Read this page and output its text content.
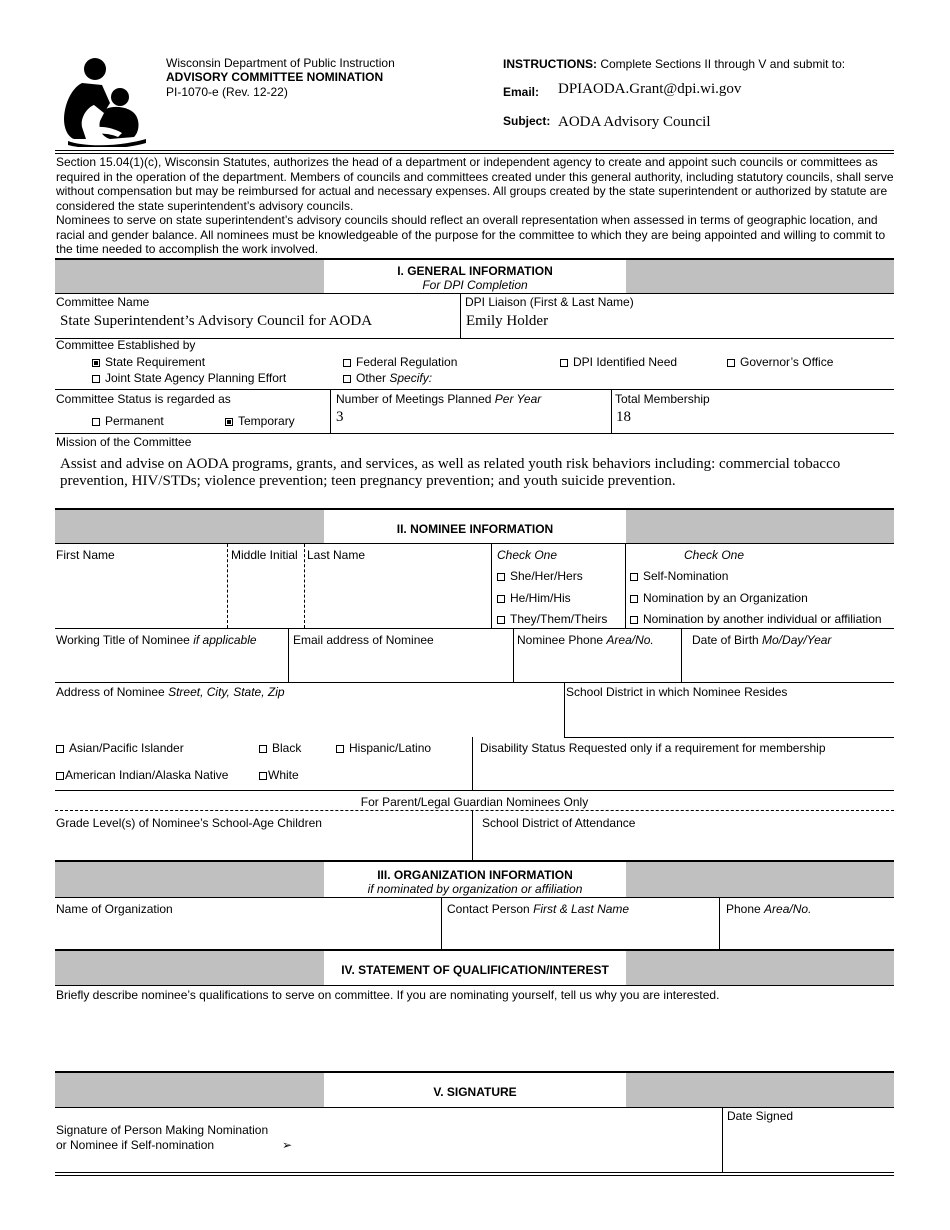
Wisconsin Department of Public Instruction
ADVISORY COMMITTEE NOMINATION
PI-1070-e (Rev. 12-22)
INSTRUCTIONS: Complete Sections II through V and submit to:
Email: DPIAODA.Grant@dpi.wi.gov
Subject: AODA Advisory Council
Section 15.04(1)(c), Wisconsin Statutes, authorizes the head of a department or independent agency to create and appoint such councils or committees as required in the operation of the department. Members of councils and committees created under this general authority, including statutory councils, shall serve without compensation but may be reimbursed for actual and necessary expenses. All groups created by the state superintendent or authorized by statute are considered the state superintendent’s advisory councils.
Nominees to serve on state superintendent’s advisory councils should reflect an overall representation when assessed in terms of geographic location, and racial and gender balance. All nominees must be knowledgeable of the purpose for the committee to which they are being appointed and willing to commit to the time needed to accomplish the work involved.
I. GENERAL INFORMATION
For DPI Completion
Committee Name
State Superintendent’s Advisory Council for AODA
DPI Liaison (First & Last Name)
Emily Holder
Committee Established by
State Requirement	Federal Regulation	DPI Identified Need	Governor’s Office
Joint State Agency Planning Effort	Other Specify:
Committee Status is regarded as
Permanent	Temporary
Number of Meetings Planned Per Year
3
Total Membership
18
Mission of the Committee
Assist and advise on AODA programs, grants, and services, as well as related youth risk behaviors including: commercial tobacco prevention, HIV/STDs; violence prevention; teen pregnancy prevention; and youth suicide prevention.
II. NOMINEE INFORMATION
First Name	Middle Initial Last Name	Check One
She/Her/Hers
He/Him/His
They/Them/Theirs
Check One
Self-Nomination
Nomination by an Organization
Nomination by another individual or affiliation
Working Title of Nominee if applicable	Email address of Nominee	Nominee Phone Area/No.	Date of Birth Mo/Day/Year
Address of Nominee Street, City, State, Zip	School District in which Nominee Resides
Asian/Pacific Islander	Black	Hispanic/Latino
American Indian/Alaska Native	White
Disability Status Requested only if a requirement for membership
For Parent/Legal Guardian Nominees Only
Grade Level(s) of Nominee’s School-Age Children	School District of Attendance
III. ORGANIZATION INFORMATION
if nominated by organization or affiliation
Name of Organization	Contact Person First & Last Name	Phone Area/No.
IV. STATEMENT OF QUALIFICATION/INTEREST
Briefly describe nominee’s qualifications to serve on committee. If you are nominating yourself, tell us why you are interested.
V. SIGNATURE
Signature of Person Making Nomination
or Nominee if Self-nomination	➢
Date Signed
